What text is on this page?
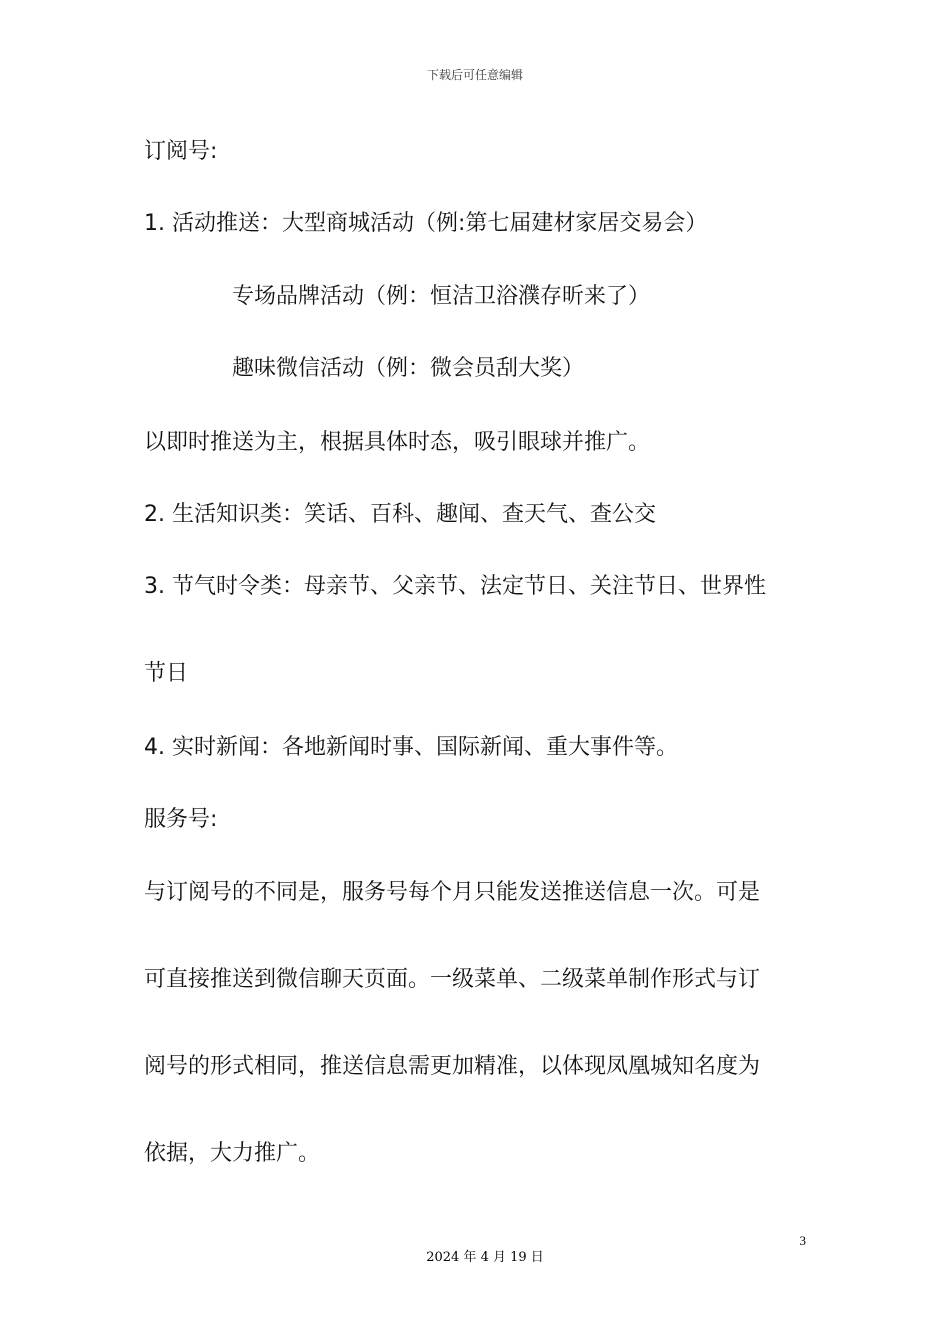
下载后可任意编辑
订阅号:
1. 活动推送：大型商城活动（例:第七届建材家居交易会）
专场品牌活动（例：恒洁卫浴濮存昕来了）
趣味微信活动（例：微会员刮大奖）
以即时推送为主，根据具体时态，吸引眼球并推广。
2. 生活知识类：笑话、百科、趣闻、查天气、查公交
3. 节气时令类：母亲节、父亲节、法定节日、关注节日、世界性
节日
4. 实时新闻：各地新闻时事、国际新闻、重大事件等。
服务号:
与订阅号的不同是，服务号每个月只能发送推送信息一次。可是
可直接推送到微信聊天页面。一级菜单、二级菜单制作形式与订
阅号的形式相同，推送信息需更加精准，以体现凤凰城知名度为
依据，大力推广。
3
2024 年 4 月 19 日
